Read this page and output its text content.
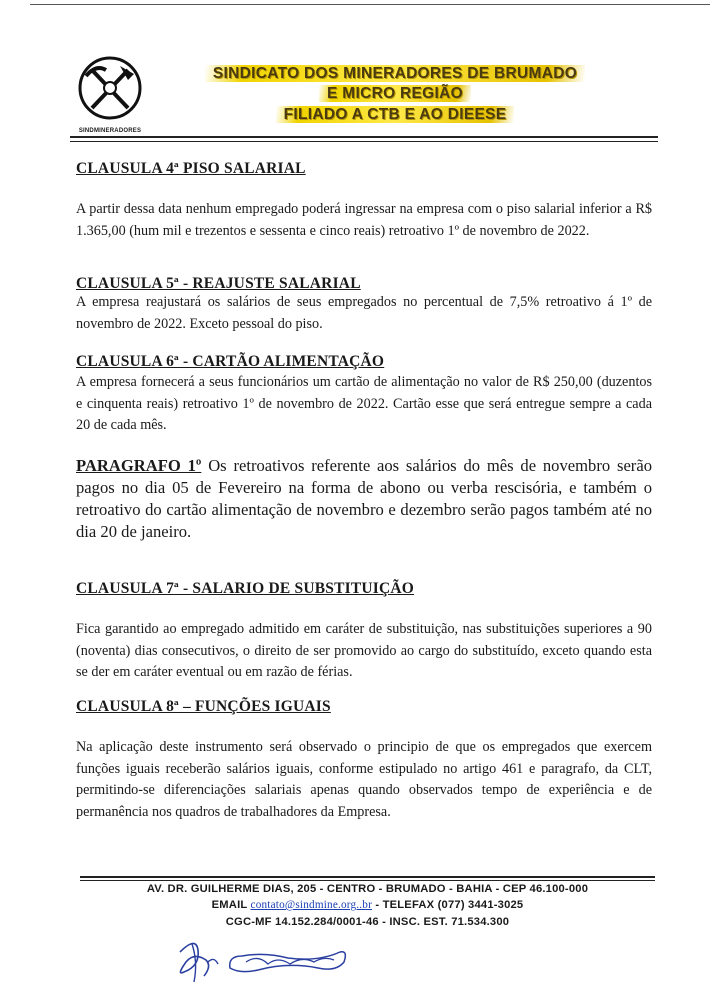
SINDMINERADORES
SINDICATO DOS MINERADORES DE BRUMADO
E MICRO REGIÃO
FILIADO A CTB E AO DIEESE
CLAUSULA 4ª PISO SALARIAL
A partir dessa data nenhum empregado poderá ingressar na empresa com o piso salarial inferior a R$ 1.365,00 (hum mil e trezentos e sessenta e cinco reais) retroativo 1º de novembro de 2022.
CLAUSULA 5ª - REAJUSTE SALARIAL
A empresa reajustará os salários de seus empregados no percentual de 7,5% retroativo á 1º de novembro de 2022. Exceto pessoal do piso.
CLAUSULA 6ª - CARTÃO ALIMENTAÇÃO
A empresa fornecerá a seus funcionários um cartão de alimentação no valor de R$ 250,00 (duzentos e cinquenta reais) retroativo 1º de novembro de 2022. Cartão esse que será entregue sempre a cada 20 de cada mês.
PARAGRAFO 1º Os retroativos referente aos salários do mês de novembro serão pagos no dia 05 de Fevereiro na forma de abono ou verba rescisória, e também o retroativo do cartão alimentação de novembro e dezembro serão pagos também até no dia 20 de janeiro.
CLAUSULA 7ª - SALARIO DE SUBSTITUIÇÃO
Fica garantido ao empregado admitido em caráter de substituição, nas substituições superiores a 90 (noventa) dias consecutivos, o direito de ser promovido ao cargo do substituído, exceto quando esta se der em caráter eventual ou em razão de férias.
CLAUSULA 8ª – FUNÇÕES IGUAIS
Na aplicação deste instrumento será observado o principio de que os empregados que exercem funções iguais receberão salários iguais, conforme estipulado no artigo 461 e paragrafo, da CLT, permitindo-se diferenciações salariais apenas quando observados tempo de experiência e de permanência nos quadros de trabalhadores da Empresa.
AV. DR. GUILHERME DIAS, 205 - CENTRO - BRUMADO - BAHIA - CEP 46.100-000
EMAIL contato@sindmine.org..br - TELEFAX (077) 3441-3025
CGC-MF 14.152.284/0001-46 - INSC. EST. 71.534.300
